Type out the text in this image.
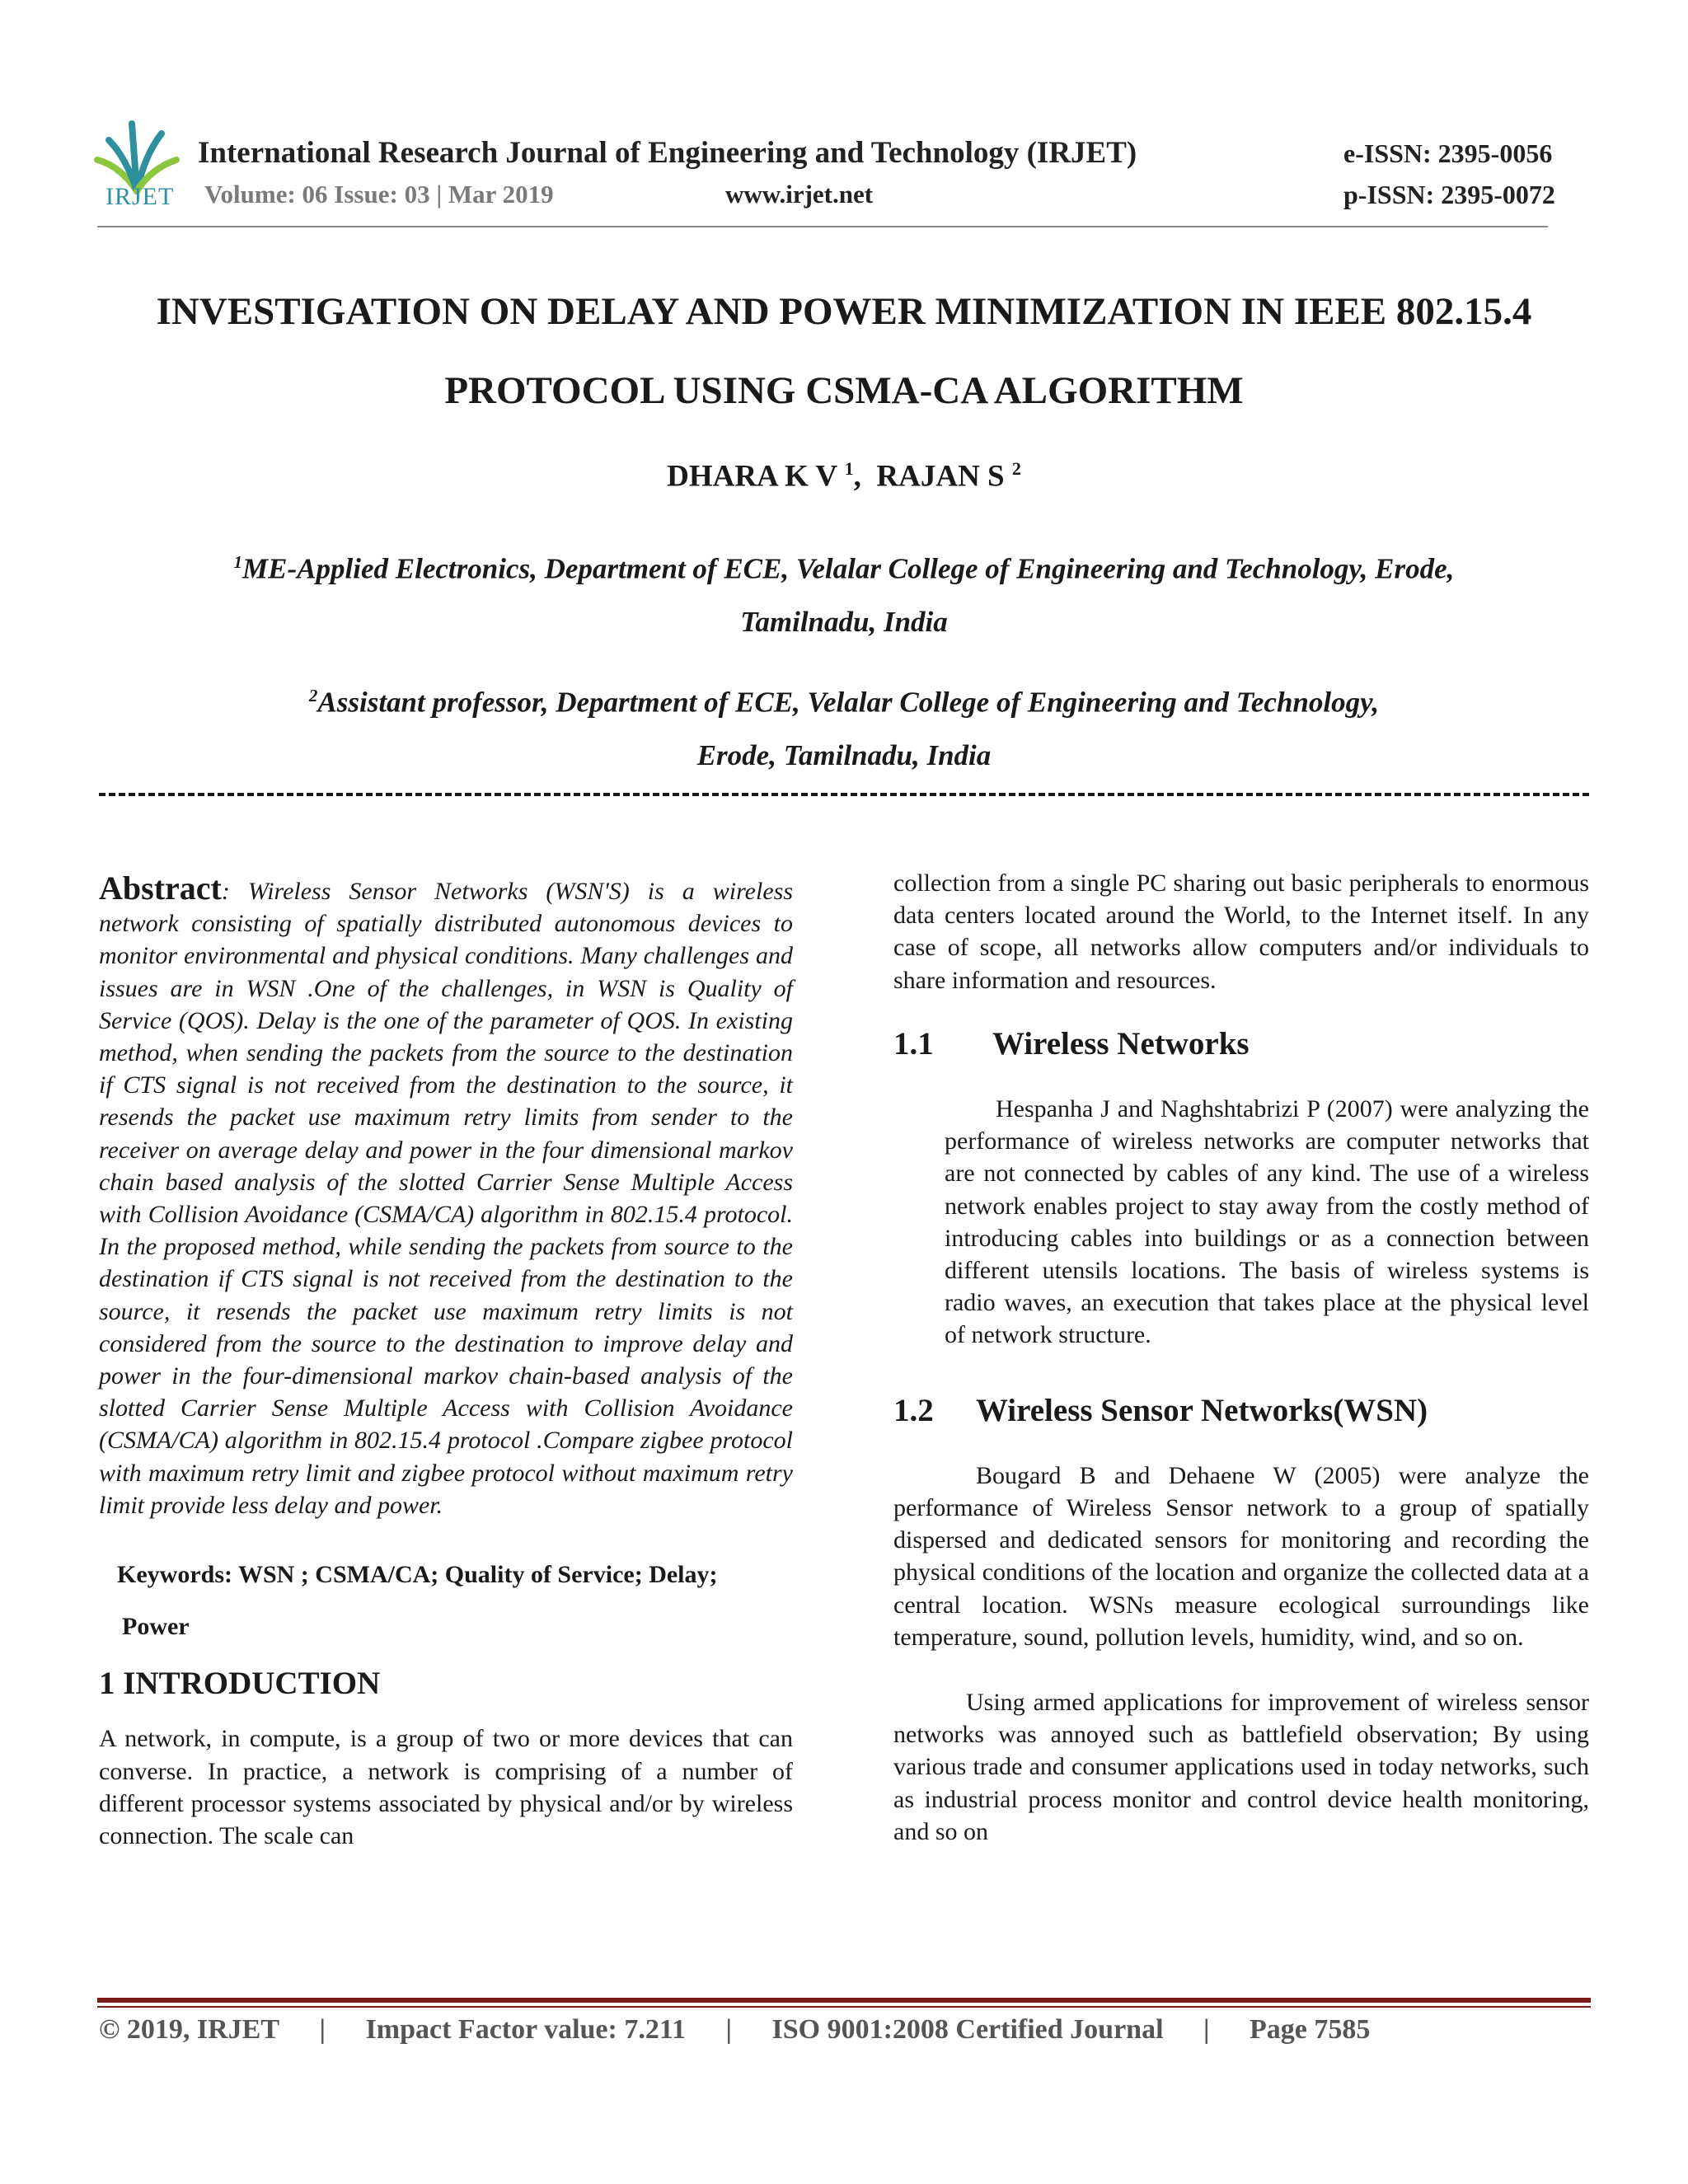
IRJET
International Research Journal of Engineering and Technology (IRJET)
Volume: 06 Issue: 03 | Mar 2019	www.irjet.net
e-ISSN: 2395-0056
p-ISSN: 2395-0072
INVESTIGATION ON DELAY AND POWER MINIMIZATION IN IEEE 802.15.4
PROTOCOL USING CSMA-CA ALGORITHM
DHARA K V $^1$,  RAJAN S $^2$
$^1$ME-Applied Electronics, Department of ECE, Velalar College of Engineering and Technology, Erode,
Tamilnadu, India
$^2$Assistant professor, Department of ECE, Velalar College of Engineering and Technology,
Erode, Tamilnadu, India

Abstract: Wireless Sensor Networks (WSN'S) is a wireless network consisting of spatially distributed autonomous devices to monitor environmental and physical conditions. Many challenges and issues are in WSN .One of the challenges, in WSN is Quality of Service (QOS). Delay is the one of the parameter of QOS. In existing method, when sending the packets from the source to the destination if CTS signal is not received from the destination to the source, it resends the packet use maximum retry limits from sender to the receiver on average delay and power in the four dimensional markov chain based analysis of the slotted Carrier Sense Multiple Access with Collision Avoidance (CSMA/CA) algorithm in 802.15.4 protocol. In the proposed method, while sending the packets from source to the destination if CTS signal is not received from the destination to the source, it resends the packet use maximum retry limits is not considered from the source to the destination to improve delay and power in the four-dimensional markov chain-based analysis of the slotted Carrier Sense Multiple Access with Collision Avoidance (CSMA/CA) algorithm in 802.15.4 protocol .Compare zigbee protocol with maximum retry limit and zigbee protocol without maximum retry limit provide less delay and power.

Keywords: WSN ; CSMA/CA; Quality of Service; Delay;
Power
1 INTRODUCTION

A network, in compute, is a group of two or more devices that can converse. In practice, a network is comprising of a number of different processor systems associated by physical and/or by wireless connection. The scale can

collection from a single PC sharing out basic peripherals to enormous data centers located around the World, to the Internet itself. In any case of scope, all networks allow computers and/or individuals to share information and resources.

1.1	Wireless Networks

Hespanha J and Naghshtabrizi P (2007) were analyzing the performance of wireless networks are computer networks that are not connected by cables of any kind. The use of a wireless network enables project to stay away from the costly method of introducing cables into buildings or as a connection between different utensils locations. The basis of wireless systems is radio waves, an execution that takes place at the physical level of network structure.

1.2	Wireless Sensor Networks(WSN)

Bougard B and Dehaene W (2005) were analyze the performance of Wireless Sensor network to a group of spatially dispersed and dedicated sensors for monitoring and recording the physical conditions of the location and organize the collected data at a central location. WSNs measure ecological surroundings like temperature, sound, pollution levels, humidity, wind, and so on.

Using armed applications for improvement of wireless sensor networks was annoyed such as battlefield observation; By using various trade and consumer applications used in today networks, such as industrial process monitor and control device health monitoring, and so on

© 2019, IRJET | Impact Factor value: 7.211 | ISO 9001:2008 Certified Journal | Page 7585
